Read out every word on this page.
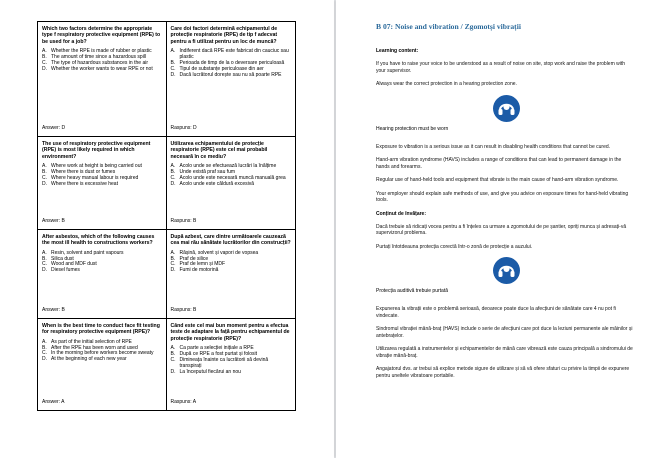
Which two factors determine the appropriate type f respiratory protective equipment (RPE) to be used for a job?
A. Whether the RPE is made of rubber or plastic
B. The amount of time since a hazardous spill
C. The type of hazardous substances in the air
D. Whether the worker wants to wear RPE or not
Answer: D
Care doi factori determină echipamentul de protecție respiratorie (RPE) de tip f adecvat pentru a fi utilizat pentru un loc de muncă?
A. Indiferent dacă RPE este fabricat din cauciuc sau plastic
B. Perioada de timp de la o deversare periculoasă
C. Tipul de substanțe periculoase din aer
D. Dacă lucrătorul dorește sau nu să poarte RPE
Raspuns: D
The use of respiratory protective equipment (RPE) is most likely required in which environment?
A. Where work at height is being carried out
B. Where there is dust or fumes
C. Where heavy manual labour is required
D. Where there is excessive heat
Answer: B
Utilizarea echipamentului de protecție respiratorie (RPE) este cel mai probabil necesară în ce mediu?
A. Acolo unde se efectuează lucrări la înălțime
B. Unde există praf sau fum
C. Acolo unde este necesară muncă manuală grea
D. Acolo unde este căldură excesivă
Raspuns: B
After asbestos, which of the following causes the most ill health to constructions workers?
A. Resin, solvent and paint vapours
B. Silica dust
C. Wood and MDF dust
D. Diesel fumes
Answer: B
După azbest, care dintre următoarele cauzează cea mai rău sănătate lucrătorilor din construcții?
A. Rășină, solvent și vapori de vopsea
B. Praf de silice
C. Praf de lemn și MDF
D. Fumi de motorină
Raspuns: B
When is the best time to conduct face fit testing for respiratory protective equipment (RPE)?
A. As part of the initial selection of RPE
B. After the RPE has been worn and used
C. In the morning before workers become sweaty
D. At the beginning of each new year
Answer: A
Când este cel mai bun moment pentru a efectua teste de adaptare la față pentru echipamentul de protecție respiratorie (RPE)?
A. Ca parte a selecției inițiale a RPE
B. După ce RPE a fost purtat și folosit
C. Dimineața înainte ca lucrătorii să devină transpirați
D. La începutul fiecărui an nou
Raspuns: A
B 07: Noise and vibration / Zgomotși vibrații
Learning content:

If you have to raise your voice to be understood as a result of noise on site, stop work and raise the problem with your supervisor.

Always wear the correct protection in a hearing protection zone.

Hearing protection must be worn

Exposure to vibration is a serious issue as it can result in disabling health conditions that cannot be cured.

Hand-arm vibration syndrome (HAVS) includes a range of conditions that can lead to permanent damage in the hands and forearms.

Regular use of hand-held tools and equipment that vibrate is the main cause of hand-arm vibration syndrome.

Your employer should explain safe methods of use, and give you advice on exposure times for hand-held vibrating tools.

Conținut de învățare:

Dacă trebuie să ridicați vocea pentru a fi înțeles ca urmare a zgomotului de pe șantier, opriți munca și adresați-vă supervizorul problema.

Purtați întotdeauna protecția corectă într-o zonă de protecție a auzului.

Protecția auditivă trebuie purtată

Expunerea la vibrații este o problemă serioasă, deoarece poate duce la afecțiuni de sănătate care 4 nu pot fi vindecate.

Sindromul vibrației mână-braț (HAVS) include o serie de afecțiuni care pot duce la leziuni permanente ale mâinilor și antebrațelor.

Utilizarea regulată a instrumentelor și echipamentelor de mână care vibrează este cauza principală a sindromului de vibrație mână-braț.

Angajatorul dvs. ar trebui să explice metode sigure de utilizare și să vă ofere sfaturi cu privire la timpii de expunere pentru uneltele vibratoare portabile.
